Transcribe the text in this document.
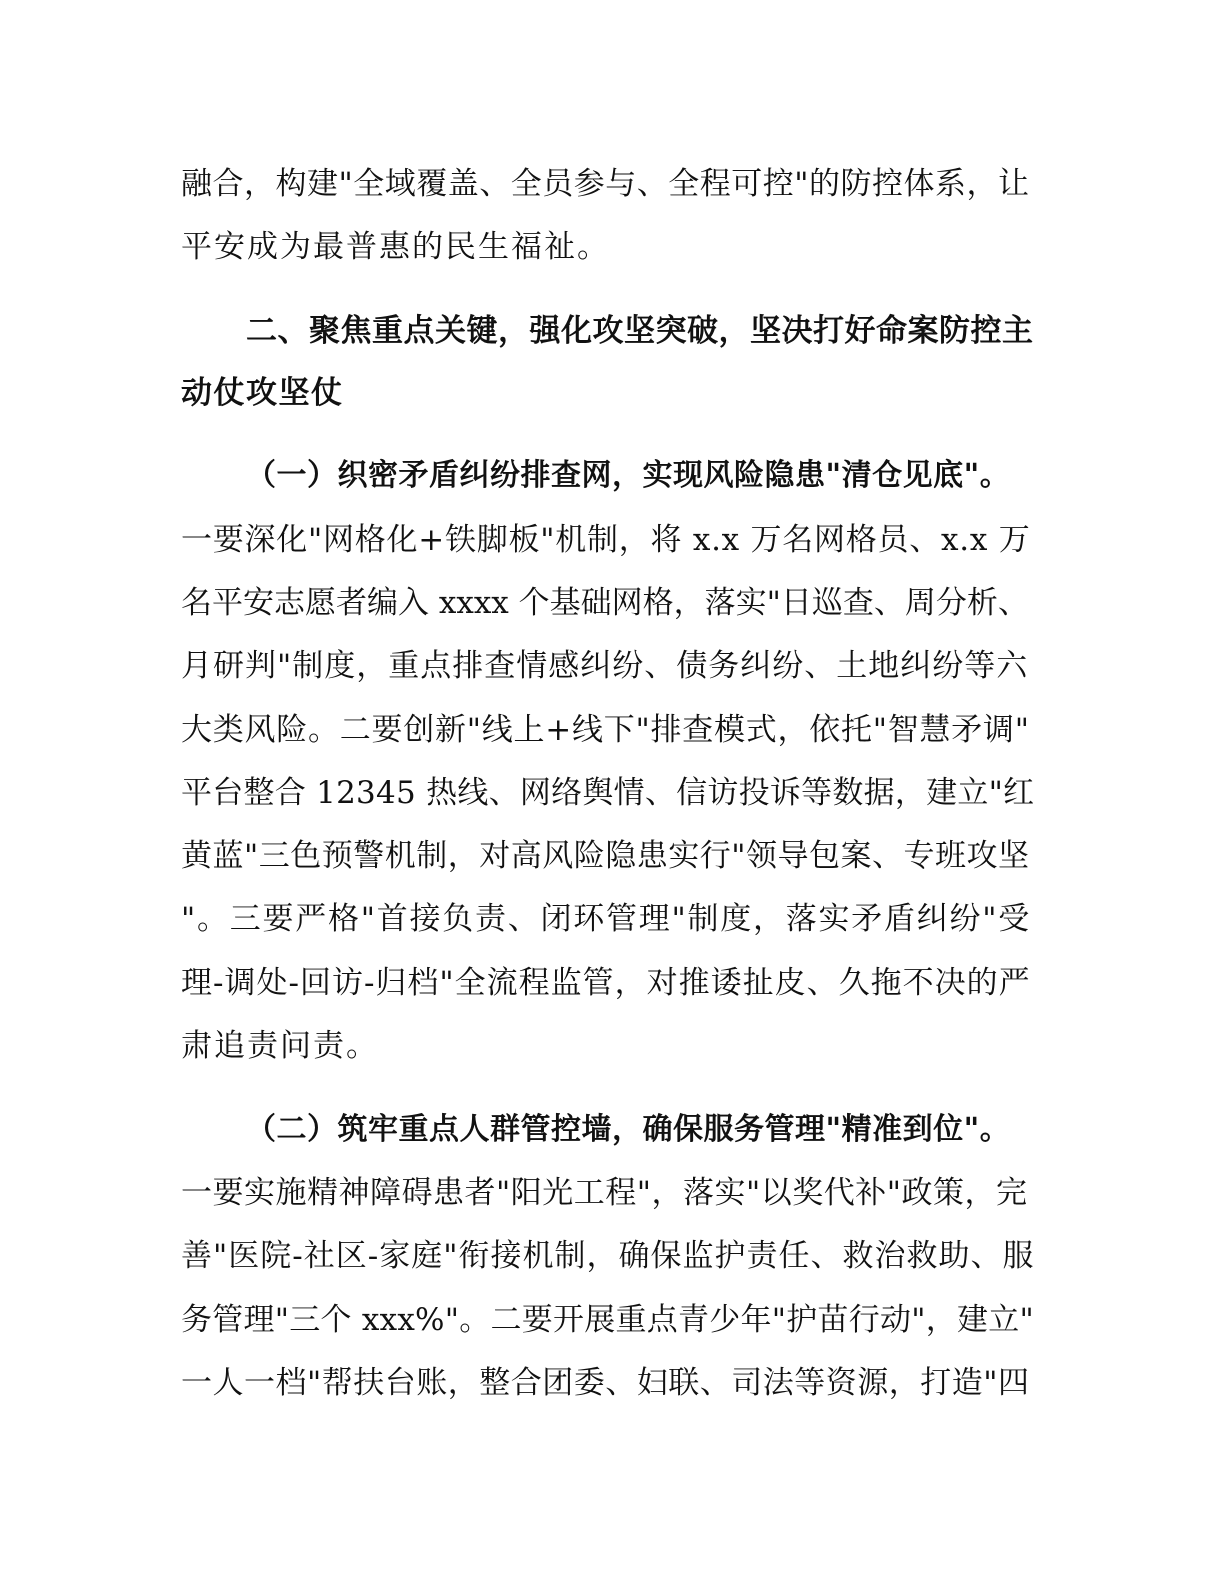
融合，构建"全域覆盖、全员参与、全程可控"的防控体系，让
平安成为最普惠的民生福祉。
二、聚焦重点关键，强化攻坚突破，坚决打好命案防控主
动仗攻坚仗
（一）织密矛盾纠纷排查网，实现风险隐患"清仓见底"。
一要深化"网格化+铁脚板"机制，将 x.x 万名网格员、x.x 万
名平安志愿者编入 xxxx 个基础网格，落实"日巡查、周分析、
月研判"制度，重点排查情感纠纷、债务纠纷、土地纠纷等六
大类风险。二要创新"线上+线下"排查模式，依托"智慧矛调"
平台整合 12345 热线、网络舆情、信访投诉等数据，建立"红
黄蓝"三色预警机制，对高风险隐患实行"领导包案、专班攻坚
"。三要严格"首接负责、闭环管理"制度，落实矛盾纠纷"受
理-调处-回访-归档"全流程监管，对推诿扯皮、久拖不决的严
肃追责问责。
（二）筑牢重点人群管控墙，确保服务管理"精准到位"。
一要实施精神障碍患者"阳光工程"，落实"以奖代补"政策，完
善"医院-社区-家庭"衔接机制，确保监护责任、救治救助、服
务管理"三个 xxx%"。二要开展重点青少年"护苗行动"，建立"
一人一档"帮扶台账，整合团委、妇联、司法等资源，打造"四
